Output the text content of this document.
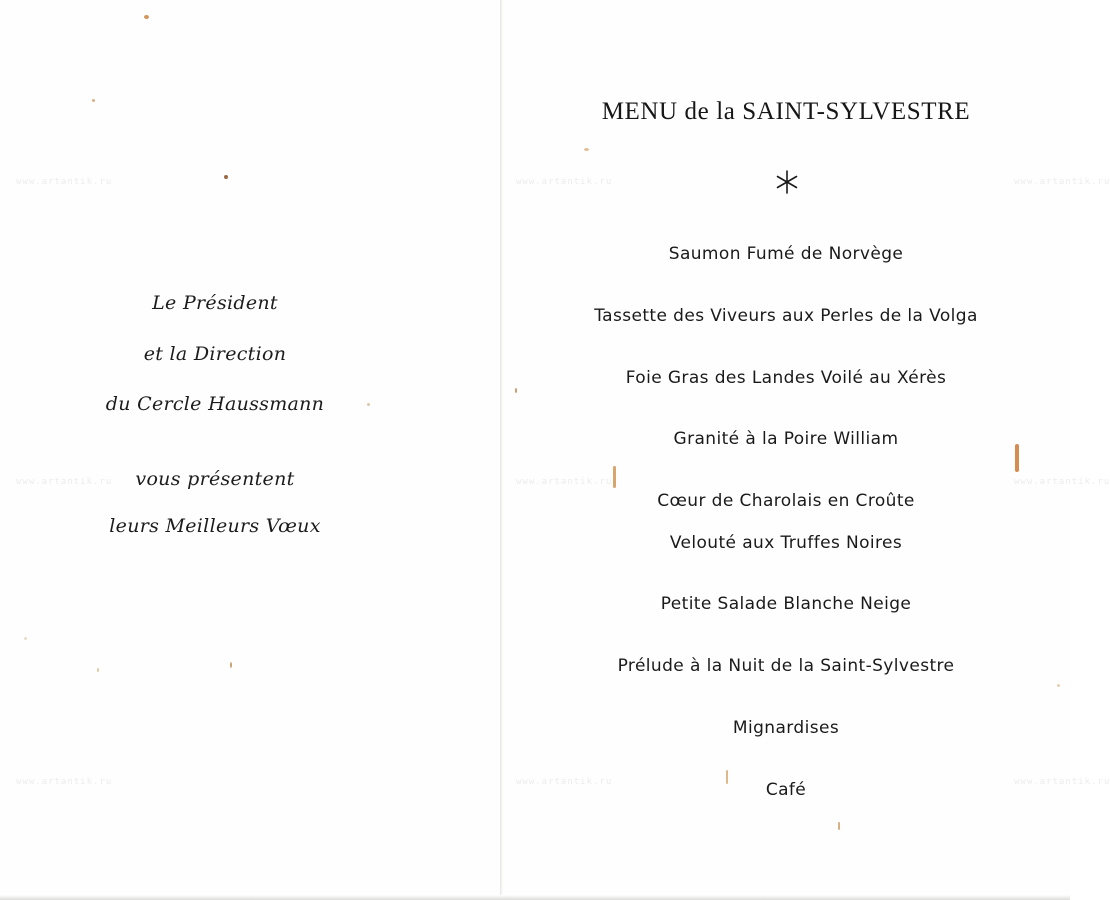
www.artantik.ru	www.artantik.ru	www.artantik.ru
www.artantik.ru	www.artantik.ru	www.artantik.ru
www.artantik.ru	www.artantik.ru	www.artantik.ru
Le Président
et la Direction
du Cercle Haussmann
vous présentent
leurs Meilleurs Vœux
MENU de la SAINT-SYLVESTRE
Saumon Fumé de Norvège
Tassette des Viveurs aux Perles de la Volga
Foie Gras des Landes Voilé au Xérès
Granité à la Poire William
Cœur de Charolais en Croûte
Velouté aux Truffes Noires
Petite Salade Blanche Neige
Prélude à la Nuit de la Saint-Sylvestre
Mignardises
Café
